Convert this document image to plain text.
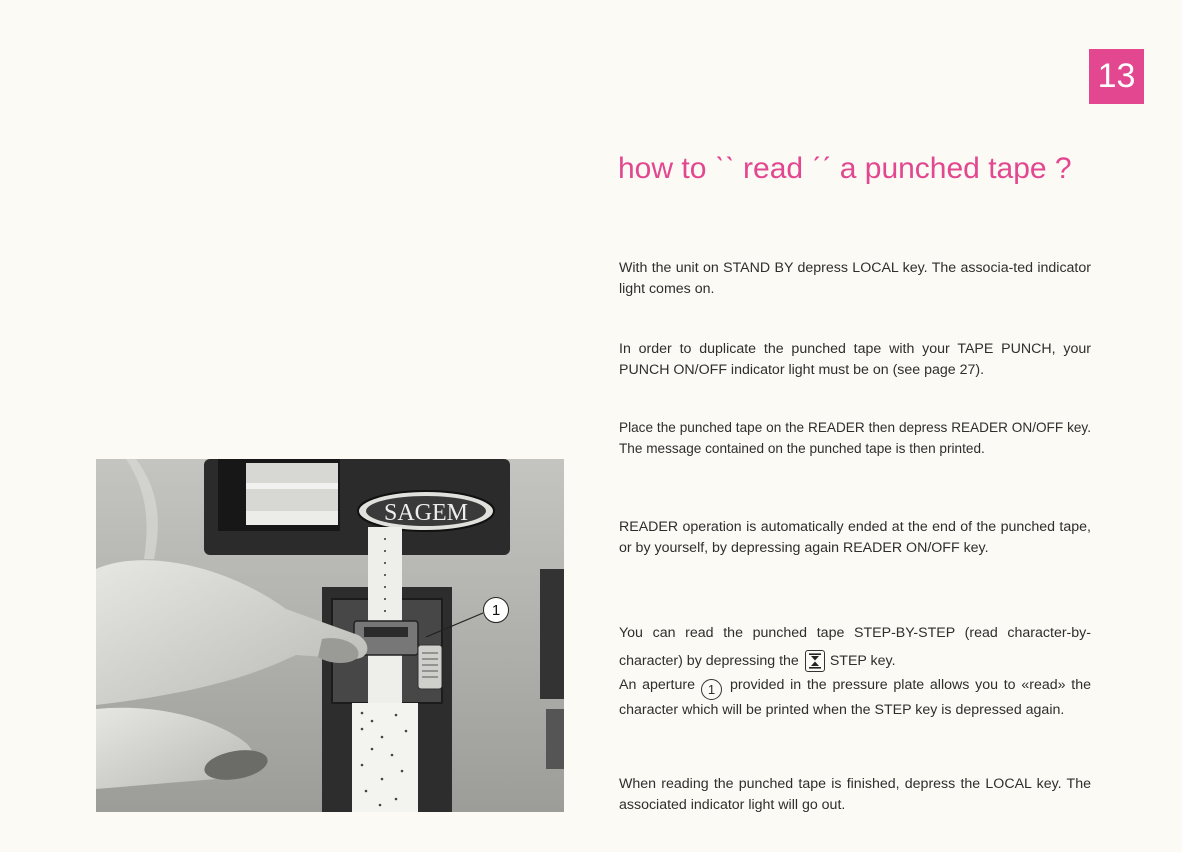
13
how to ˋˋ read ˊˊ a punched tape ?

With the unit on STAND BY depress LOCAL key. The associa-ted indicator light comes on.

In order to duplicate the punched tape with your TAPE PUNCH, your PUNCH ON/OFF indicator light must be on (see page 27).

Place the punched tape on the READER then depress READER ON/OFF key. The message contained on the punched tape is then printed.

READER operation is automatically ended at the end of the punched tape, or by yourself, by depressing again READER ON/OFF key.

You can read the punched tape STEP-BY-STEP (read character-by-character) by depressing the STEP key.

An aperture 1 provided in the pressure plate allows you to «read» the character which will be printed when the STEP key is depressed again.

When reading the punched tape is finished, depress the LOCAL key. The associated indicator light will go out.

SAGEM
1
